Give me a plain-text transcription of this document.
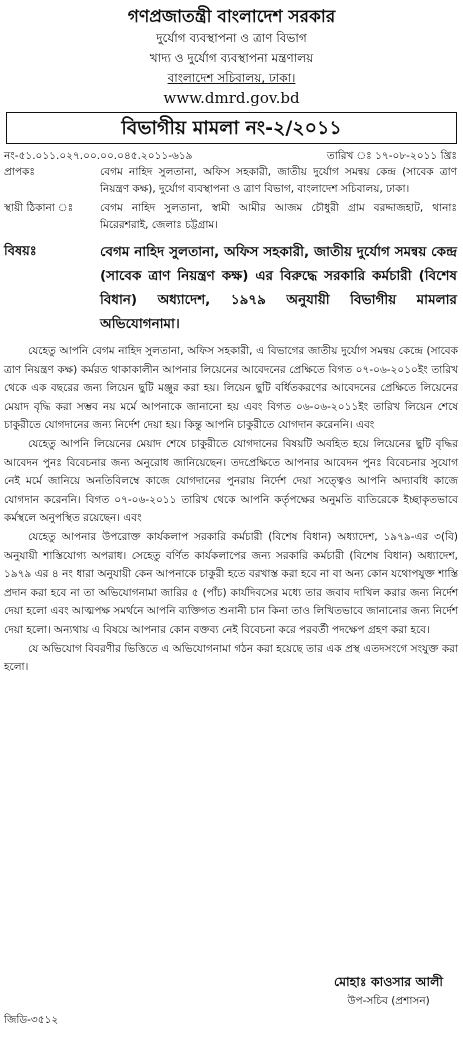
গণপ্রজাতন্ত্রী বাংলাদেশ সরকার
দুর্যোগ ব্যবস্থাপনা ও ত্রাণ বিভাগ
খাদ্য ও দুর্যোগ ব্যবস্থাপনা মন্ত্রণালয়
বাংলাদেশ সচিবালয়, ঢাকা।
www.dmrd.gov.bd
বিভাগীয় মামলা নং-২/২০১১
নং-৫১.০১১.০২৭.০০.০০.০৪৫.২০১১-৬১৯	তারিখ ঃ ১৭-০৮-২০১১ খ্রিঃ
প্রাপকঃ	বেগম নাহিদ সুলতানা, অফিস সহকারী, জাতীয় দুর্যোগ সমন্বয় কেন্দ্র (সাবেক ত্রাণ নিয়ন্ত্রণ কক্ষ), দুর্যোগ ব্যবস্থাপনা ও ত্রাণ বিভাগ, বাংলাদেশ সচিবালয়, ঢাকা।
স্থায়ী ঠিকানা ঃ	বেগম নাহিদ সুলতানা, স্বামী আমীর আজম চৌধুরী গ্রাম বরদ্দাজহাট, থানাঃ মিরেরশরাই, জেলাঃ চট্টগ্রাম।
বিষয়ঃ	বেগম নাহিদ সুলতানা, অফিস সহকারী, জাতীয় দুর্যোগ সমন্বয় কেন্দ্র (সাবেক ত্রাণ নিয়ন্ত্রণ কক্ষ) এর বিরুদ্ধে সরকারি কর্মচারী (বিশেষ বিধান) অধ্যাদেশ, ১৯৭৯ অনুযায়ী বিভাগীয় মামলার অভিযোগনামা।

যেহেতু আপনি বেগম নাহিদ সুলতানা, অফিস সহকারী, এ বিভাগের জাতীয় দুর্যোগ সমন্বয় কেন্দ্রে (সাবেক ত্রাণ নিয়ন্ত্রণ কক্ষ) কর্মরত থাকাকালীন আপনার লিয়েনের আবেদনের প্রেক্ষিতে বিগত ০৭-০৬-২০১০ইং তারিখ থেকে এক বছরের জন্য লিয়েন ছুটি মঞ্জুর করা হয়। লিয়েন ছুটি বর্ধিতকরণের আবেদনের প্রেক্ষিতে লিয়েনের মেয়াদ বৃদ্ধি করা সম্ভব নয় মর্মে আপনাকে জানানো হয় এবং বিগত ০৬-০৬-২০১১ইং তারিখ লিয়েন শেষে চাকুরীতে যোগদানের জন্য নির্দেশ দেয়া হয়। কিন্তু আপনি চাকুরীতে যোগদান করেননি। এবং

যেহেতু আপনি লিয়েনের মেয়াদ শেষে চাকুরীতে যোগদানের বিষয়টি অবহিত হয়ে লিয়েনের ছুটি বৃদ্ধির আবেদন পুনঃ বিবেচনার জন্য অনুরোধ জানিয়েছেন। তদপ্রেক্ষিতে আপনার আবেদন পুনঃ বিবেচনার সুযোগ নেই মর্মে জানিয়ে অনতিবিলম্বে কাজে যোগদানের পুনরায় নির্দেশ দেয়া সত্ত্বেও আপনি অদ্যাবধি কাজে যোগদান করেননি। বিগত ০৭-০৬-২০১১ তারিখ থেকে আপনি কর্তৃপক্ষের অনুমতি ব্যতিরেকে ইচ্ছাকৃতভাবে কর্মস্থলে অনুপস্থিত রয়েছেন। এবং

যেহেতু আপনার উপরোক্ত কার্যকলাপ সরকারি কর্মচারী (বিশেষ বিধান) অধ্যাদেশ, ১৯৭৯-এর ৩(বি) অনুযায়ী শাস্তিযোগ্য অপরাধ। সেহেতু বর্ণিত কার্যকলাপের জন্য সরকারি কর্মচারী (বিশেষ বিধান) অধ্যাদেশ, ১৯৭৯ এর ৪ নং ধারা অনুযায়ী কেন আপনাকে চাকুরী হতে বরখাস্ত করা হবে না বা অন্য কোন যথোপযুক্ত শাস্তি প্রদান করা হবে না তা অভিযোগনামা জারির ৫ (পাঁচ) কার্যদিবসের মধ্যে তার জবাব দাখিল করার জন্য নির্দেশ দেয়া হলো এবং আত্মপক্ষ সমর্থনে আপনি ব্যক্তিগত শুনানী চান কিনা তাও লিখিতভাবে জানানোর জন্য নির্দেশ দেয়া হলো। অন্যথায় এ বিষয়ে আপনার কোন বক্তব্য নেই বিবেচনা করে পরবর্তী পদক্ষেপ গ্রহণ করা হবে।

যে অভিযোগ বিবরণীর ভিত্তিতে এ অভিযোগনামা গঠন করা হয়েছে তার এক প্রস্থ এতদসংগে সংযুক্ত করা হলো।

মোহাঃ কাওসার আলী
উপ-সচিব (প্রশাসন)
জিডি-৩৫১২
